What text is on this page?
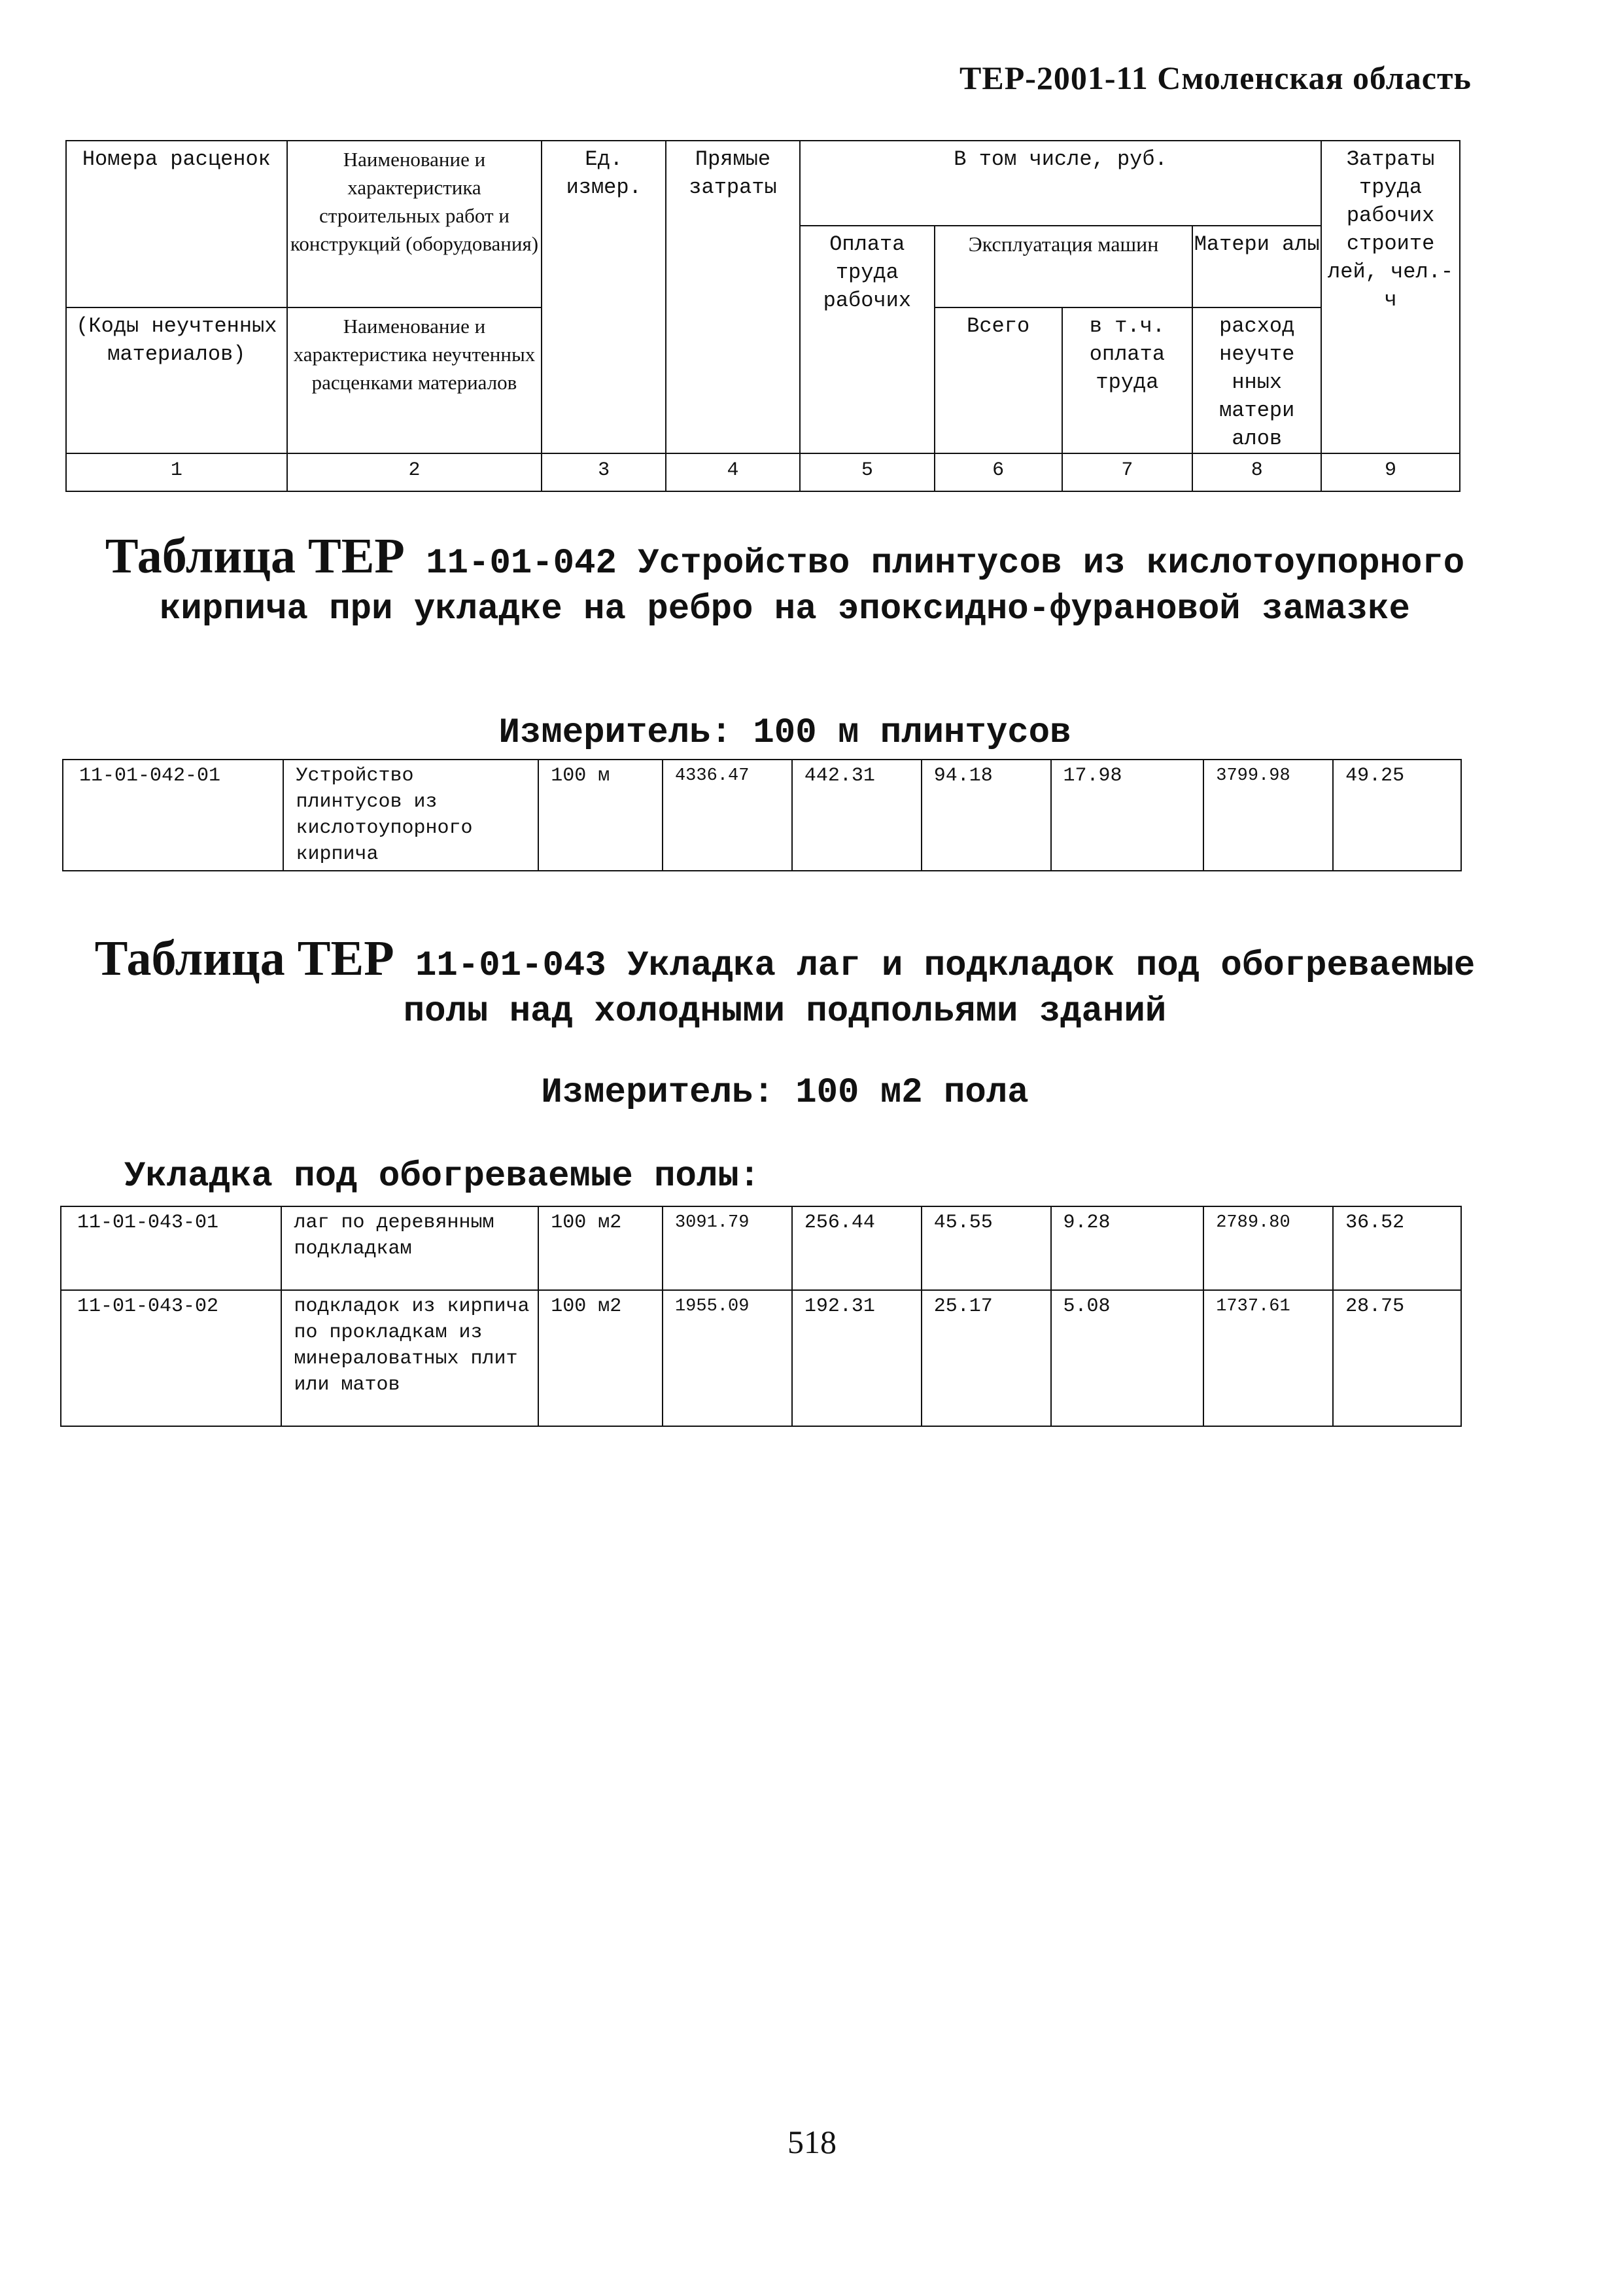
ТЕР-2001-11 Смоленская область
Номера расценок	Наименование и характеристика строительных работ и конструкций (оборудования)	Ед. измер.	Прямые затраты	В том числе, руб.				Затраты труда рабочих строите лей, чел.-ч
				Оплата труда рабочих	Эксплуатация машин		Матери алы	
(Коды неучтенных материалов)	Наименование и характеристика неучтенных расценками материалов				Всего	в т.ч. оплата труда	расход неучте нных матери алов	
1	2	3	4	5	6	7	8	9
Таблица ТЕР 11-01-042 Устройство плинтусов из кислотоупорного кирпича при укладке на ребро на эпоксидно-фурановой замазке
Измеритель: 100 м плинтусов
11-01-042-01	Устройство плинтусов из кислотоупорного кирпича	100 м	4336.47	442.31	94.18	17.98	3799.98	49.25
Таблица ТЕР 11-01-043 Укладка лаг и подкладок под обогреваемые полы над холодными подпольями зданий
Измеритель: 100 м2 пола
Укладка под обогреваемые полы:
11-01-043-01	лаг по деревянным подкладкам	100 м2	3091.79	256.44	45.55	9.28	2789.80	36.52
11-01-043-02	подкладок из кирпича по прокладкам из минераловатных плит или матов	100 м2	1955.09	192.31	25.17	5.08	1737.61	28.75
518
